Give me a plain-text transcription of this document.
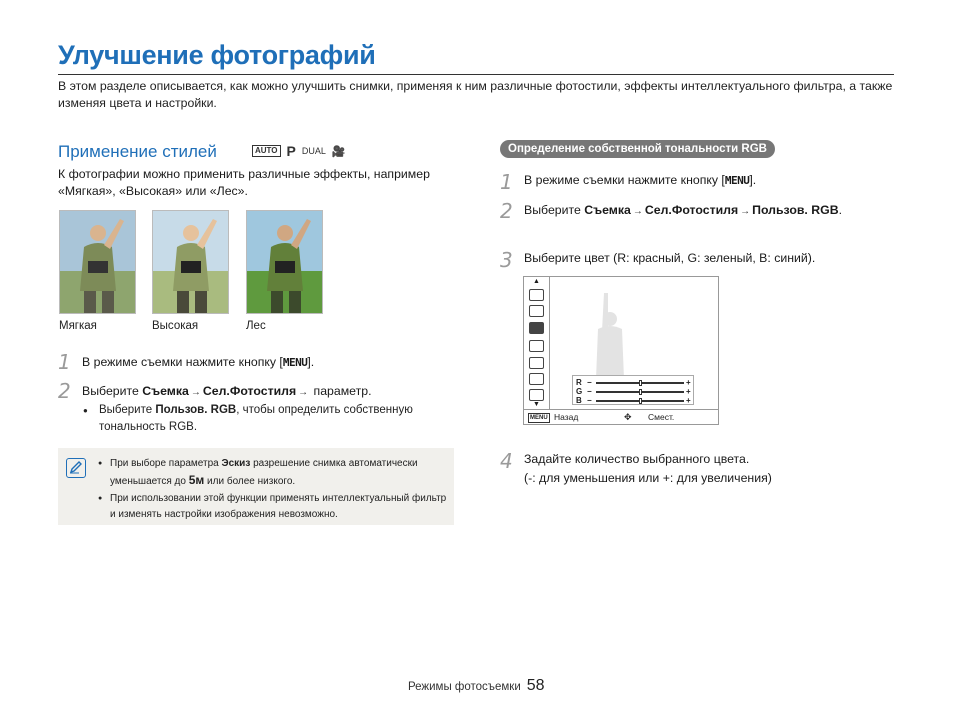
Улучшение фотографий
В этом разделе описывается, как можно улучшить снимки, применяя к ним различные фотостили, эффекты интеллектуального фильтра, а также изменяя цвета и настройки.
Применение стилей	AUTO P DUAL 🎥
К фотографии можно применить различные эффекты, например «Мягкая», «Высокая» или «Лес».
Мягкая	Высокая	Лес
1 В режиме съемки нажмите кнопку [MENU].
2 Выберите Съемка → Сел.Фотостиля → параметр.
● Выберите Пользов. RGB, чтобы определить собственную тональность RGB.
● При выборе параметра Эскиз разрешение снимка автоматически уменьшается до 5м или более низкого.
● При использовании этой функции применять интеллектуальный фильтр и изменять настройки изображения невозможно.
Определение собственной тональности RGB
1 В режиме съемки нажмите кнопку [MENU].
2 Выберите Съемка → Сел.Фотостиля → Пользов. RGB.
3 Выберите цвет (R: красный, G: зеленый, B: синий).
▲
▼
R −	+
G −	+
B −	+
MENU Назад	✥ Смест.
4 Задайте количество выбранного цвета.
(-: для уменьшения или +: для увеличения)
Режимы фотосъемки 58
